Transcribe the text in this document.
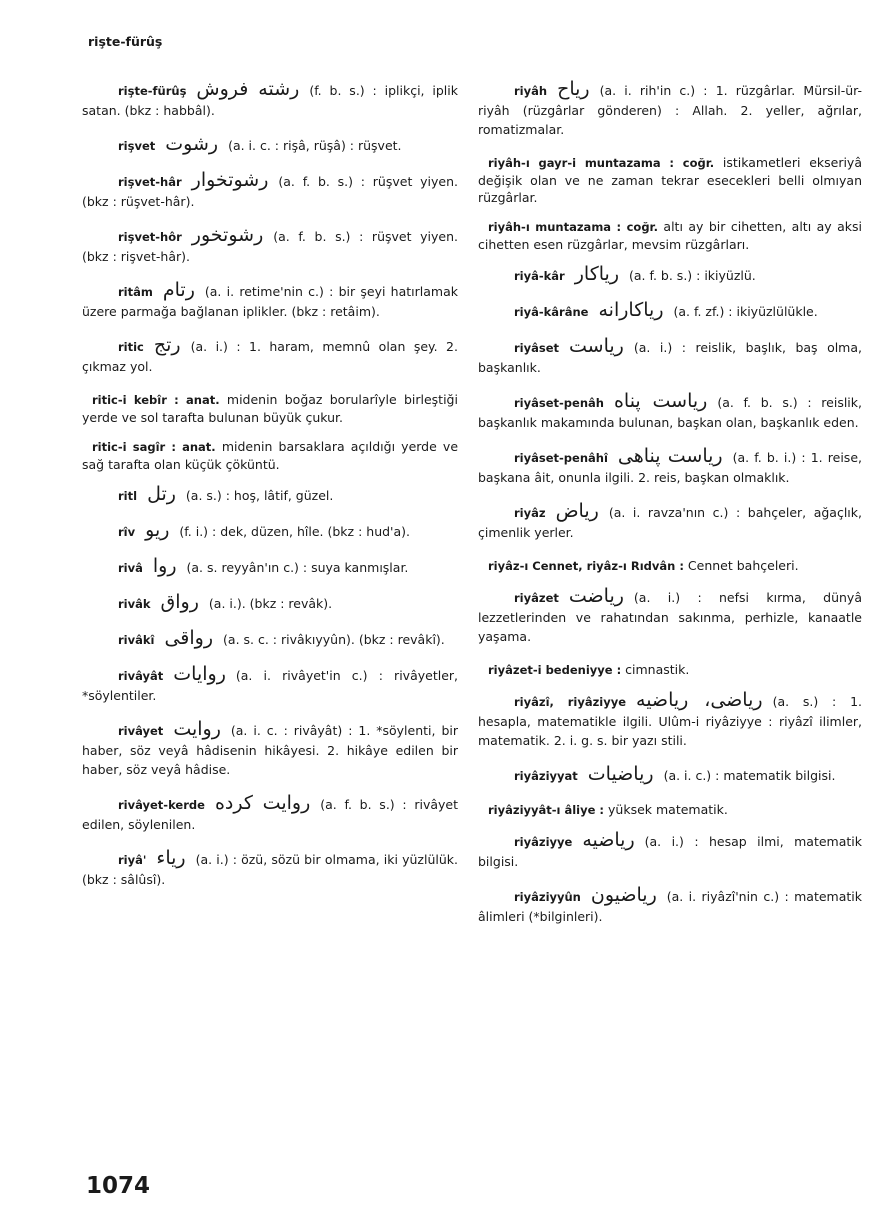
rişte-fürûş
rişte-fürûş رشته فروش (f. b. s.) : iplikçi, iplik satan. (bkz : habbâl).
rişvet رشوت (a. i. c. : rişâ, rüşâ) : rüşvet.
rişvet-hâr رشوتخوار (a. f. b. s.) : rüşvet yiyen. (bkz : rüşvet-hâr).
rişvet-hôr رشوتخور (a. f. b. s.) : rüşvet yiyen. (bkz : rişvet-hâr).
ritâm رتام (a. i. retime'nin c.) : bir şeyi hatırlamak üzere parmağa bağlanan iplikler. (bkz : retâim).
ritic رتج (a. i.) : 1. haram, memnû olan şey. 2. çıkmaz yol.
ritic-i kebîr : anat. midenin boğaz borularîyle birleştiği yerde ve sol tarafta bulunan büyük çukur.
ritic-i sagîr : anat. midenin barsaklara açıldığı yerde ve sağ tarafta olan küçük çöküntü.
ritl رتل (a. s.) : hoş, lâtif, güzel.
rîv ريو (f. i.) : dek, düzen, hîle. (bkz : hud'a).
rivâ روا (a. s. reyyân'ın c.) : suya kanmışlar.
rivâk رواق (a. i.). (bkz : revâk).
rivâkî رواقى (a. s. c. : rivâkıyyûn). (bkz : revâkî).
rivâyât روايات (a. i. rivâyet'in c.) : rivâyetler, *söylentiler.
rivâyet روايت (a. i. c. : rivâyât) : 1. *söylenti, bir haber, söz veyâ hâdisenin hikâyesi. 2. hikâye edilen bir haber, söz veyâ hâdise.
rivâyet-kerde روايت كرده (a. f. b. s.) : rivâyet edilen, söylenilen.
riyâ' رياء (a. i.) : özü, sözü bir olmama, iki yüzlülük. (bkz : sâlûsî).
riyâh رياح (a. i. rih'in c.) : 1. rüzgârlar. Mürsil-ür-riyâh (rüzgârlar gönderen) : Allah. 2. yeller, ağrılar, romatizmalar.
riyâh-ı gayr-i muntazama : coğr. istikametleri ekseriyâ değişik olan ve ne zaman tekrar esecekleri belli olmıyan rüzgârlar.
riyâh-ı muntazama : coğr. altı ay bir cihetten, altı ay aksi cihetten esen rüzgârlar, mevsim rüzgârları.
riyâ-kâr رياكار (a. f. b. s.) : ikiyüzlü.
riyâ-kârâne رياكارانه (a. f. zf.) : ikiyüzlülükle.
riyâset رياست (a. i.) : reislik, başlık, baş olma, başkanlık.
riyâset-penâh رياست پناه (a. f. b. s.) : reislik, başkanlık makamında bulunan, başkan olan, başkanlık eden.
riyâset-penâhî رياست پناهى (a. f. b. i.) : 1. reise, başkana âit, onunla ilgili. 2. reis, başkan olmaklık.
riyâz رياض (a. i. ravza'nın c.) : bahçeler, ağaçlık, çimenlik yerler.
riyâz-ı Cennet, riyâz-ı Rıdvân : Cennet bahçeleri.
riyâzet رياضت (a. i.) : nefsi kırma, dünyâ lezzetlerinden ve rahatından sakınma, perhizle, kanaatle yaşama.
riyâzet-i bedeniyye : cimnastik.
riyâzî, riyâziyye رياضى، رياضيه (a. s.) : 1. hesapla, matematikle ilgili. Ulûm-i riyâziyye : riyâzî ilimler, matematik. 2. i. g. s. bir yazı stili.
riyâziyyat رياضيات (a. i. c.) : matematik bilgisi.
riyâziyyât-ı âliye : yüksek matematik.
riyâziyye رياضيه (a. i.) : hesap ilmi, matematik bilgisi.
riyâziyyûn رياضيون (a. i. riyâzî'nin c.) : matematik âlimleri (*bilginleri).
1074
